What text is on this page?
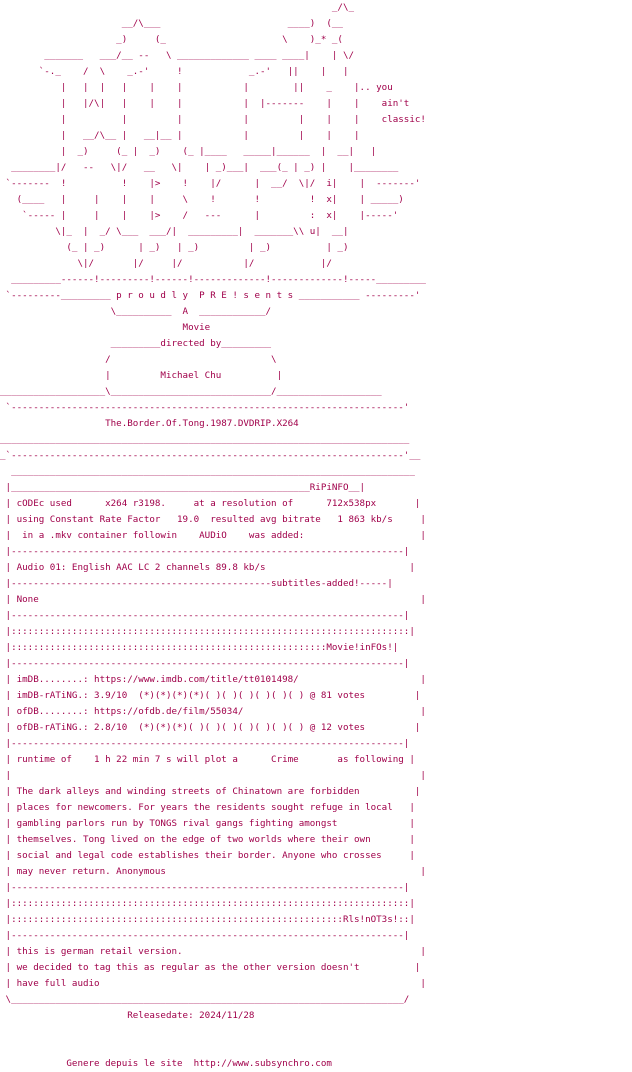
_/\_
__/\___                       ____)  (__
_)     (_                     \    )_* _(
_______   ___/__ --   \ _____________ ____ ____|    | \/
`-._    /  \    _.-'     !            _.-'   ||    |   |
|   |  |   |    |    |           |        ||    _    |.. you
|   |/\|   |    |    |           |  |-------    |    |    ain't
|          |         |           |         |    |    |    classic!
|   __/\__ |   __|__ |           |         |    |    |
|  _)     (_ |  _)    (_ |____   _____|______  |  __|   |
________|/   --   \|/   __   \|    | _)___|  ___(_ | _) |    |________
`-------  !          !    |>    !    |/      |  __/  \|/  i|    |  -------'
(____   |     |    |    |     \    !       !         !  x|    | _____)
`----- |     |    |    |>    /   ---      |         :  x|    |-----'
\|_  |  _/ \___  ___/|  _________|  _______\\ u|  __|
(_ | _)      | _)   | _)         | _)          | _)
\|/       |/     |/           |/            |/
_________------!---------!------!-------------!-------------!-----_________
`---------_________ p r o u d l y  P R E ! s e n t s ___________ ---------'
\__________  A  ____________/
Movie
_________directed by_________
/                             \
|         Michael Chu          |
___________________\_____________________________/___________________
`-----------------------------------------------------------------------'
The.Border.Of.Tong.1987.DVDRIP.X264
__________________________________________________________________________
_`-----------------------------------------------------------------------'__
_________________________________________________________________________
|______________________________________________________RiPiNFO__|
| cODEc used      x264 r3198.     at a resolution of      712x538px       |
| using Constant Rate Factor   19.0  resulted avg bitrate   1 863 kb/s     |
|  in a .mkv container followin    AUDiO    was added:                     |
|-----------------------------------------------------------------------|
| Audio 01: English AAC LC 2 channels 89.8 kb/s                          |
|-----------------------------------------------subtitles-added!-----|
| None                                                                     |
|-----------------------------------------------------------------------|
|::::::::::::::::::::::::::::::::::::::::::::::::::::::::::::::::::::::::|
|:::::::::::::::::::::::::::::::::::::::::::::::::::::::::Movie!inFOs!|
|-----------------------------------------------------------------------|
| imDB........: https://www.imdb.com/title/tt0101498/                      |
| imDB-rATiNG.: 3.9/10  (*)(*)(*)(*)( )( )( )( )( )( ) @ 81 votes         |
| ofDB........: https://ofdb.de/film/55034/                                |
| ofDB-rATiNG.: 2.8/10  (*)(*)(*)( )( )( )( )( )( )( ) @ 12 votes         |
|-----------------------------------------------------------------------|
| runtime of    1 h 22 min 7 s will plot a      Crime       as following |
|                                                                          |
| The dark alleys and winding streets of Chinatown are forbidden          |
| places for newcomers. For years the residents sought refuge in local   |
| gambling parlors run by TONGS rival gangs fighting amongst             |
| themselves. Tong lived on the edge of two worlds where their own       |
| social and legal code establishes their border. Anyone who crosses     |
| may never return. Anonymous                                              |
|-----------------------------------------------------------------------|
|::::::::::::::::::::::::::::::::::::::::::::::::::::::::::::::::::::::::|
|::::::::::::::::::::::::::::::::::::::::::::::::::::::::::::Rls!nOT3s!::|
|-----------------------------------------------------------------------|
| this is german retail version.                                           |
| we decided to tag this as regular as the other version doesn't          |
| have full audio                                                          |
\_______________________________________________________________________/
Releasedate: 2024/11/28
Genere depuis le site  http://www.subsynchro.com
